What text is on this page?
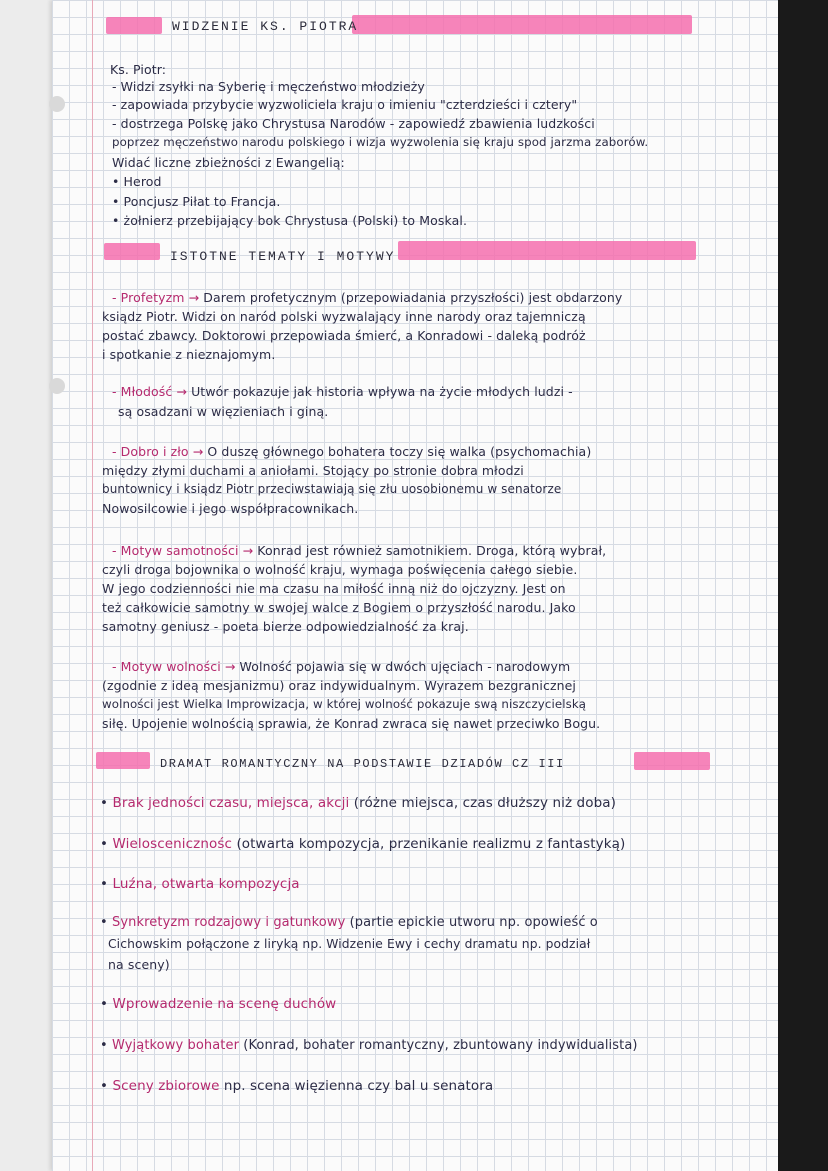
WIDZENIE KS. PIOTRA
Ks. Piotr:
- Widzi zsyłki na Syberię i męczeństwo młodzieży
- zapowiada przybycie wyzwoliciela kraju o imieniu "czterdzieści i cztery"
- dostrzega Polskę jako Chrystusa Narodów - zapowiedź zbawienia ludzkości
poprzez męczeństwo narodu polskiego i wizja wyzwolenia się kraju spod jarzma zaborów.
Widać liczne zbieżności z Ewangelią:
• Herod
• Poncjusz Piłat to Francja.
• żołnierz przebijający bok Chrystusa (Polski) to Moskal.
ISTOTNE TEMATY I MOTYWY
- Profetyzm → Darem profetycznym (przepowiadania przyszłości) jest obdarzony
ksiądz Piotr. Widzi on naród polski wyzwalający inne narody oraz tajemniczą
postać zbawcy. Doktorowi przepowiada śmierć, a Konradowi - daleką podróż
i spotkanie z nieznajomym.
- Młodość → Utwór pokazuje jak historia wpływa na życie młodych ludzi -
są osadzani w więzieniach i giną.
- Dobro i zło → O duszę głównego bohatera toczy się walka (psychomachia)
między złymi duchami a aniołami. Stojący po stronie dobra młodzi
buntownicy i ksiądz Piotr przeciwstawiają się złu uosobionemu w senatorze
Nowosilcowie i jego współpracownikach.
- Motyw samotności → Konrad jest również samotnikiem. Droga, którą wybrał,
czyli droga bojownika o wolność kraju, wymaga poświęcenia całego siebie.
W jego codzienności nie ma czasu na miłość inną niż do ojczyzny. Jest on
też całkowicie samotny w swojej walce z Bogiem o przyszłość narodu. Jako
samotny geniusz - poeta bierze odpowiedzialność za kraj.
- Motyw wolności → Wolność pojawia się w dwóch ujęciach - narodowym
(zgodnie z ideą mesjanizmu) oraz indywidualnym. Wyrazem bezgranicznej
wolności jest Wielka Improwizacja, w której wolność pokazuje swą niszczycielską
siłę. Upojenie wolnością sprawia, że Konrad zwraca się nawet przeciwko Bogu.
DRAMAT ROMANTYCZNY NA PODSTAWIE DZIADÓW CZ III
• Brak jedności czasu, miejsca, akcji (różne miejsca, czas dłuższy niż doba)
• Wieloscenicznośc (otwarta kompozycja, przenikanie realizmu z fantastyką)
• Luźna, otwarta kompozycja
• Synkretyzm rodzajowy i gatunkowy (partie epickie utworu np. opowieść o
Cichowskim połączone z liryką np. Widzenie Ewy i cechy dramatu np. podział
na sceny)
• Wprowadzenie na scenę duchów
• Wyjątkowy bohater (Konrad, bohater romantyczny, zbuntowany indywidualista)
• Sceny zbiorowe np. scena więzienna czy bal u senatora
